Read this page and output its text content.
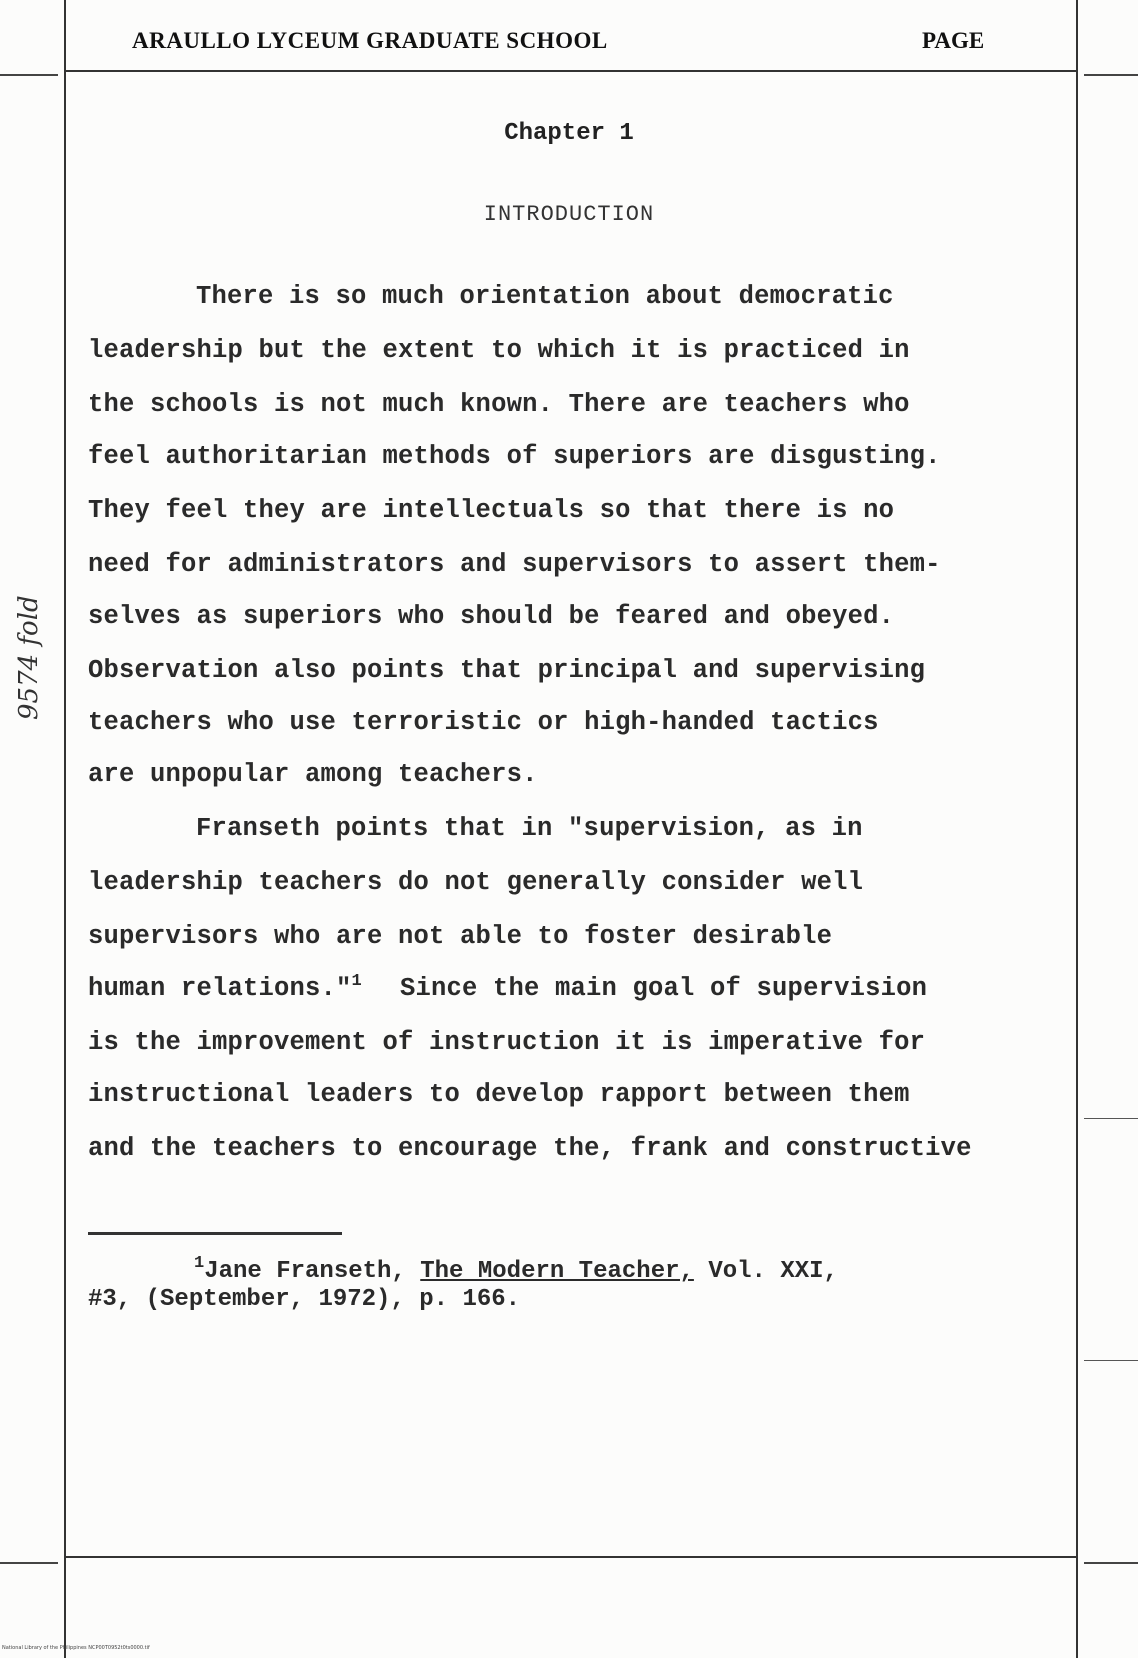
ARAULLO LYCEUM GRADUATE SCHOOL	PAGE
Chapter 1
INTRODUCTION
There is so much orientation about democratic
leadership but the extent to which it is practiced in
the schools is not much known. There are teachers who
feel authoritarian methods of superiors are disgusting.
They feel they are intellectuals so that there is no
need for administrators and supervisors to assert them-
selves as superiors who should be feared and obeyed.
Observation also points that principal and supervising
teachers who use terroristic or high-handed tactics
are unpopular among teachers.
Franseth points that in "supervision, as in
leadership teachers do not generally consider well
supervisors who are not able to foster desirable
human relations."$^1$ Since the main goal of supervision
is the improvement of instruction it is imperative for
instructional leaders to develop rapport between them
and the teachers to encourage the, frank and constructive
$^1$Jane Franseth, The Modern Teacher, Vol. XXI,
#3, (September, 1972), p. 166.
9574 fold
National Library of the Philippines NCP00T0952t0ts0000.tif
